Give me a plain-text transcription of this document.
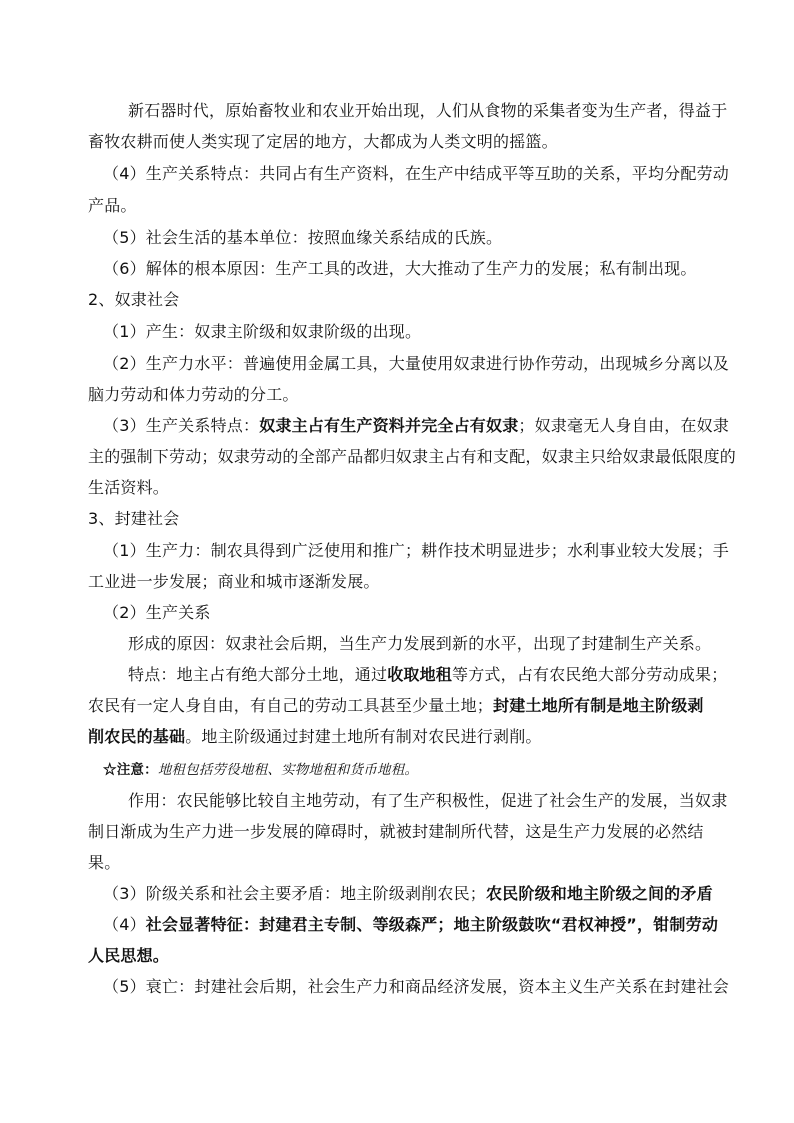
新石器时代，原始畜牧业和农业开始出现，人们从食物的采集者变为生产者，得益于
畜牧农耕而使人类实现了定居的地方，大都成为人类文明的摇篮。
（4）生产关系特点：共同占有生产资料，在生产中结成平等互助的关系，平均分配劳动
产品。
（5）社会生活的基本单位：按照血缘关系结成的氏族。
（6）解体的根本原因：生产工具的改进，大大推动了生产力的发展；私有制出现。
2、奴隶社会
（1）产生：奴隶主阶级和奴隶阶级的出现。
（2）生产力水平：普遍使用金属工具，大量使用奴隶进行协作劳动，出现城乡分离以及
脑力劳动和体力劳动的分工。
（3）生产关系特点：奴隶主占有生产资料并完全占有奴隶；奴隶毫无人身自由，在奴隶
主的强制下劳动；奴隶劳动的全部产品都归奴隶主占有和支配，奴隶主只给奴隶最低限度的
生活资料。
3、封建社会
（1）生产力：制农具得到广泛使用和推广；耕作技术明显进步；水利事业较大发展；手
工业进一步发展；商业和城市逐渐发展。
（2）生产关系
形成的原因：奴隶社会后期，当生产力发展到新的水平，出现了封建制生产关系。
特点：地主占有绝大部分土地，通过收取地租等方式，占有农民绝大部分劳动成果；
农民有一定人身自由，有自己的劳动工具甚至少量土地；封建土地所有制是地主阶级剥
削农民的基础。地主阶级通过封建土地所有制对农民进行剥削。
☆注意：地租包括劳役地租、实物地租和货币地租。
作用：农民能够比较自主地劳动，有了生产积极性，促进了社会生产的发展，当奴隶
制日渐成为生产力进一步发展的障碍时，就被封建制所代替，这是生产力发展的必然结
果。
（3）阶级关系和社会主要矛盾：地主阶级剥削农民；农民阶级和地主阶级之间的矛盾
（4）社会显著特征：封建君主专制、等级森严；地主阶级鼓吹“君权神授”，钳制劳动
人民思想。
（5）衰亡：封建社会后期，社会生产力和商品经济发展，资本主义生产关系在封建社会
